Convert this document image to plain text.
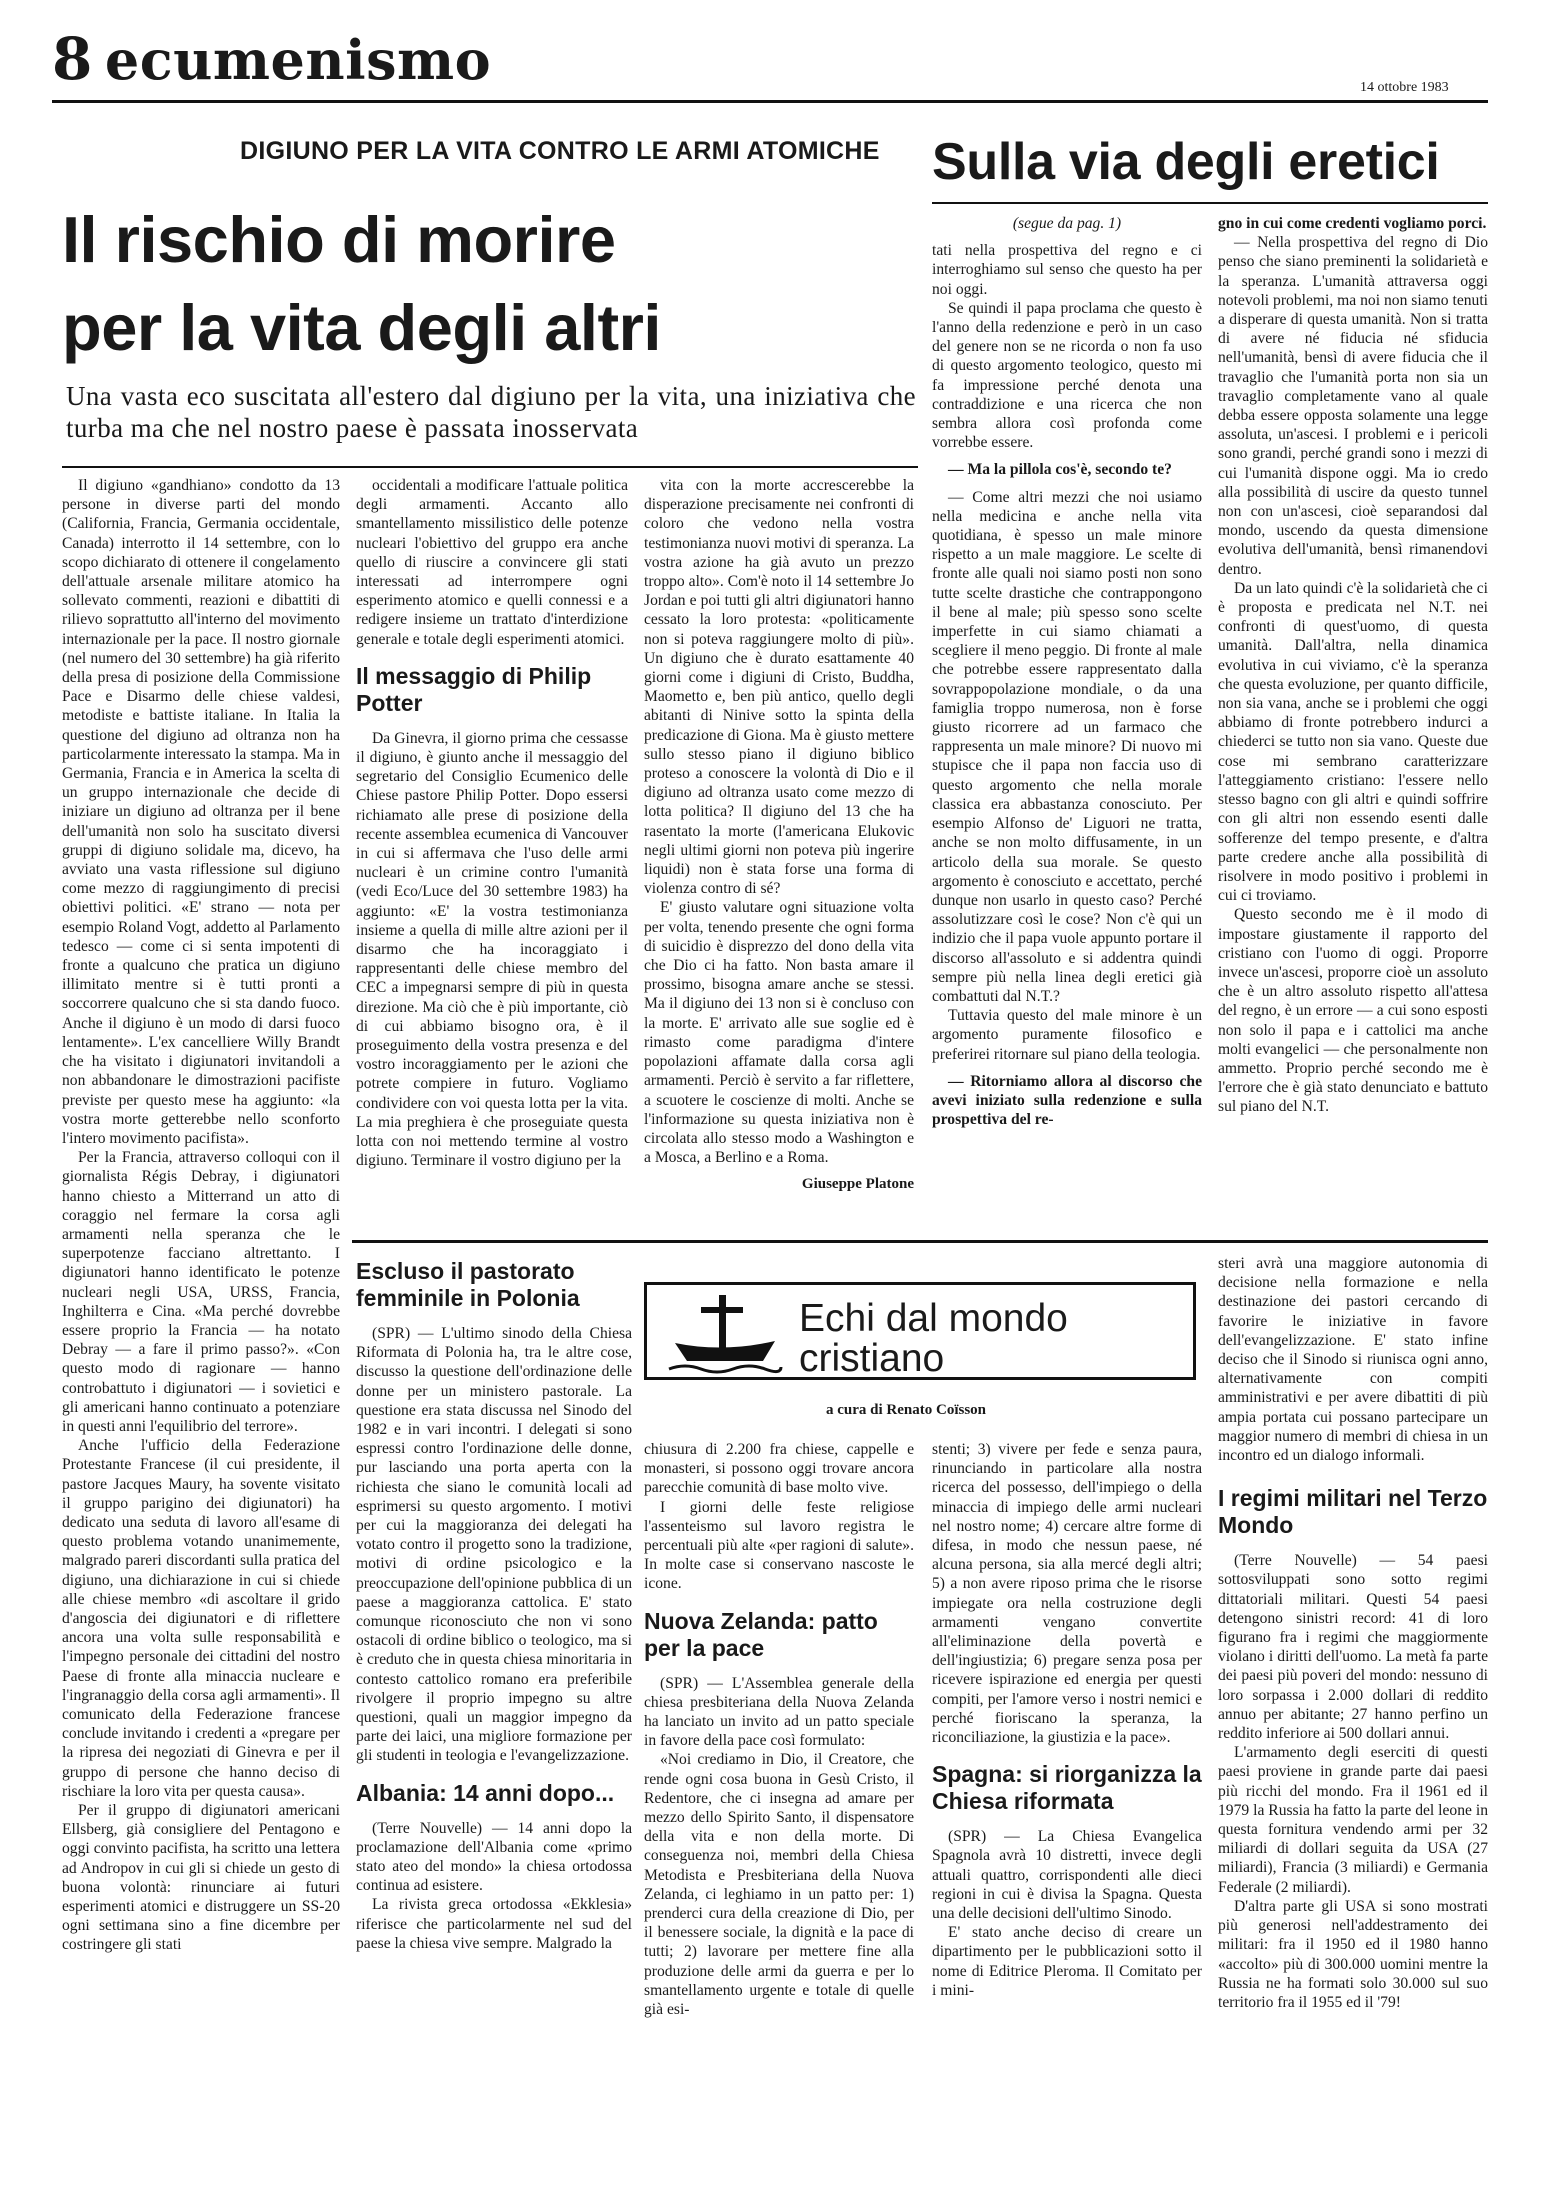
8 ecumenismo	14 ottobre 1983
DIGIUNO PER LA VITA CONTRO LE ARMI ATOMICHE
Il rischio di morire
per la vita degli altri
Sulla via degli eretici
Una vasta eco suscitata all'estero dal digiuno per la vita, una iniziativa che turba ma che nel nostro paese è passata inosservata

Il digiuno «gandhiano» condotto da 13 persone in diverse parti del mondo (California, Francia, Germania occidentale, Canada) interrotto il 14 settembre, con lo scopo dichiarato di ottenere il congelamento dell'attuale arsenale militare atomico ha sollevato commenti, reazioni e dibattiti di rilievo soprattutto all'interno del movimento internazionale per la pace. Il nostro giornale (nel numero del 30 settembre) ha già riferito della presa di posizione della Commissione Pace e Disarmo delle chiese valdesi, metodiste e battiste italiane. In Italia la questione del digiuno ad oltranza non ha particolarmente interessato la stampa. Ma in Germania, Francia e in America la scelta di un gruppo internazionale che decide di iniziare un digiuno ad oltranza per il bene dell'umanità non solo ha suscitato diversi gruppi di digiuno solidale ma, dicevo, ha avviato una vasta riflessione sul digiuno come mezzo di raggiungimento di precisi obiettivi politici. «E' strano — nota per esempio Roland Vogt, addetto al Parlamento tedesco — come ci si senta impotenti di fronte a qualcuno che pratica un digiuno illimitato mentre si è tutti pronti a soccorrere qualcuno che si sta dando fuoco. Anche il digiuno è un modo di darsi fuoco lentamente». L'ex cancelliere Willy Brandt che ha visitato i digiunatori invitandoli a non abbandonare le dimostrazioni pacifiste previste per questo mese ha aggiunto: «la vostra morte getterebbe nello sconforto l'intero movimento pacifista».

Per la Francia, attraverso colloqui con il giornalista Régis Debray, i digiunatori hanno chiesto a Mitterrand un atto di coraggio nel fermare la corsa agli armamenti nella speranza che le superpotenze facciano altrettanto. I digiunatori hanno identificato le potenze nucleari negli USA, URSS, Francia, Inghilterra e Cina. «Ma perché dovrebbe essere proprio la Francia — ha notato Debray — a fare il primo passo?». «Con questo modo di ragionare — hanno controbattuto i digiunatori — i sovietici e gli americani hanno continuato a potenziare in questi anni l'equilibrio del terrore».

Anche l'ufficio della Federazione Protestante Francese (il cui presidente, il pastore Jacques Maury, ha sovente visitato il gruppo parigino dei digiunatori) ha dedicato una seduta di lavoro all'esame di questo problema votando unanimemente, malgrado pareri discordanti sulla pratica del digiuno, una dichiarazione in cui si chiede alle chiese membro «di ascoltare il grido d'angoscia dei digiunatori e di riflettere ancora una volta sulle responsabilità e l'impegno personale dei cittadini del nostro Paese di fronte alla minaccia nucleare e l'ingranaggio della corsa agli armamenti». Il comunicato della Federazione francese conclude invitando i credenti a «pregare per la ripresa dei negoziati di Ginevra e per il gruppo di persone che hanno deciso di rischiare la loro vita per questa causa».

Per il gruppo di digiunatori americani Ellsberg, già consigliere del Pentagono e oggi convinto pacifista, ha scritto una lettera ad Andropov in cui gli si chiede un gesto di buona volontà: rinunciare ai futuri esperimenti atomici e distruggere un SS-20 ogni settimana sino a fine dicembre per costringere gli stati

occidentali a modificare l'attuale politica degli armamenti. Accanto allo smantellamento missilistico delle potenze nucleari l'obiettivo del gruppo era anche quello di riuscire a convincere gli stati interessati ad interrompere ogni esperimento atomico e quelli connessi e a redigere insieme un trattato d'interdizione generale e totale degli esperimenti atomici.

Il messaggio di Philip Potter

Da Ginevra, il giorno prima che cessasse il digiuno, è giunto anche il messaggio del segretario del Consiglio Ecumenico delle Chiese pastore Philip Potter. Dopo essersi richiamato alle prese di posizione della recente assemblea ecumenica di Vancouver in cui si affermava che l'uso delle armi nucleari è un crimine contro l'umanità (vedi Eco/Luce del 30 settembre 1983) ha aggiunto: «E' la vostra testimonianza insieme a quella di mille altre azioni per il disarmo che ha incoraggiato i rappresentanti delle chiese membro del CEC a impegnarsi sempre di più in questa direzione. Ma ciò che è più importante, ciò di cui abbiamo bisogno ora, è il proseguimento della vostra presenza e del vostro incoraggiamento per le azioni che potrete compiere in futuro. Vogliamo condividere con voi questa lotta per la vita. La mia preghiera è che proseguiate questa lotta con noi mettendo termine al vostro digiuno. Terminare il vostro digiuno per la

vita con la morte accrescerebbe la disperazione precisamente nei confronti di coloro che vedono nella vostra testimonianza nuovi motivi di speranza. La vostra azione ha già avuto un prezzo troppo alto». Com'è noto il 14 settembre Jo Jordan e poi tutti gli altri digiunatori hanno cessato la loro protesta: «politicamente non si poteva raggiungere molto di più». Un digiuno che è durato esattamente 40 giorni come i digiuni di Cristo, Buddha, Maometto e, ben più antico, quello degli abitanti di Ninive sotto la spinta della predicazione di Giona. Ma è giusto mettere sullo stesso piano il digiuno biblico proteso a conoscere la volontà di Dio e il digiuno ad oltranza usato come mezzo di lotta politica? Il digiuno del 13 che ha rasentato la morte (l'americana Elukovic negli ultimi giorni non poteva più ingerire liquidi) non è stata forse una forma di violenza contro di sé?

E' giusto valutare ogni situazione volta per volta, tenendo presente che ogni forma di suicidio è disprezzo del dono della vita che Dio ci ha fatto. Non basta amare il prossimo, bisogna amare anche se stessi. Ma il digiuno dei 13 non si è concluso con la morte. E' arrivato alle sue soglie ed è rimasto come paradigma d'intere popolazioni affamate dalla corsa agli armamenti. Perciò è servito a far riflettere, a scuotere le coscienze di molti. Anche se l'informazione su questa iniziativa non è circolata allo stesso modo a Washington e a Mosca, a Berlino e a Roma.

Giuseppe Platone
(segue da pag. 1)

tati nella prospettiva del regno e ci interroghiamo sul senso che questo ha per noi oggi.

Se quindi il papa proclama che questo è l'anno della redenzione e però in un caso del genere non se ne ricorda o non fa uso di questo argomento teologico, questo mi fa impressione perché denota una contraddizione e una ricerca che non sembra allora così profonda come vorrebbe essere.

— Ma la pillola cos'è, secondo te?

— Come altri mezzi che noi usiamo nella medicina e anche nella vita quotidiana, è spesso un male minore rispetto a un male maggiore. Le scelte di fronte alle quali noi siamo posti non sono tutte scelte drastiche che contrappongono il bene al male; più spesso sono scelte imperfette in cui siamo chiamati a scegliere il meno peggio. Di fronte al male che potrebbe essere rappresentato dalla sovrappopolazione mondiale, o da una famiglia troppo numerosa, non è forse giusto ricorrere ad un farmaco che rappresenta un male minore? Di nuovo mi stupisce che il papa non faccia uso di questo argomento che nella morale classica era abbastanza conosciuto. Per esempio Alfonso de' Liguori ne tratta, anche se non molto diffusamente, in un articolo della sua morale. Se questo argomento è conosciuto e accettato, perché dunque non usarlo in questo caso? Perché assolutizzare così le cose? Non c'è qui un indizio che il papa vuole appunto portare il discorso all'assoluto e si addentra quindi sempre più nella linea degli eretici già combattuti dal N.T.?

Tuttavia questo del male minore è un argomento puramente filosofico e preferirei ritornare sul piano della teologia.

— Ritorniamo allora al discorso che avevi iniziato sulla redenzione e sulla prospettiva del re-

gno in cui come credenti vogliamo porci.

— Nella prospettiva del regno di Dio penso che siano preminenti la solidarietà e la speranza. L'umanità attraversa oggi notevoli problemi, ma noi non siamo tenuti a disperare di questa umanità. Non si tratta di avere né fiducia né sfiducia nell'umanità, bensì di avere fiducia che il travaglio che l'umanità porta non sia un travaglio completamente vano al quale debba essere opposta solamente una legge assoluta, un'ascesi. I problemi e i pericoli sono grandi, perché grandi sono i mezzi di cui l'umanità dispone oggi. Ma io credo alla possibilità di uscire da questo tunnel non con un'ascesi, cioè separandosi dal mondo, uscendo da questa dimensione evolutiva dell'umanità, bensì rimanendovi dentro.

Da un lato quindi c'è la solidarietà che ci è proposta e predicata nel N.T. nei confronti di quest'uomo, di questa umanità. Dall'altra, nella dinamica evolutiva in cui viviamo, c'è la speranza che questa evoluzione, per quanto difficile, non sia vana, anche se i problemi che oggi abbiamo di fronte potrebbero indurci a chiederci se tutto non sia vano. Queste due cose mi sembrano caratterizzare l'atteggiamento cristiano: l'essere nello stesso bagno con gli altri e quindi soffrire con gli altri non essendo esenti dalle sofferenze del tempo presente, e d'altra parte credere anche alla possibilità di risolvere in modo positivo i problemi in cui ci troviamo.

Questo secondo me è il modo di impostare giustamente il rapporto del cristiano con l'uomo di oggi. Proporre invece un'ascesi, proporre cioè un assoluto che è un altro assoluto rispetto all'attesa del regno, è un errore — a cui sono esposti non solo il papa e i cattolici ma anche molti evangelici — che personalmente non ammetto. Proprio perché secondo me è l'errore che è già stato denunciato e battuto sul piano del N.T.

Echi dal mondo
cristiano
a cura di Renato Coïsson
Escluso il pastorato femminile in Polonia

(SPR) — L'ultimo sinodo della Chiesa Riformata di Polonia ha, tra le altre cose, discusso la questione dell'ordinazione delle donne per un ministero pastorale. La questione era stata discussa nel Sinodo del 1982 e in vari incontri. I delegati si sono espressi contro l'ordinazione delle donne, pur lasciando una porta aperta con la richiesta che siano le comunità locali ad esprimersi su questo argomento. I motivi per cui la maggioranza dei delegati ha votato contro il progetto sono la tradizione, motivi di ordine psicologico e la preoccupazione dell'opinione pubblica di un paese a maggioranza cattolica. E' stato comunque riconosciuto che non vi sono ostacoli di ordine biblico o teologico, ma si è creduto che in questa chiesa minoritaria in contesto cattolico romano era preferibile rivolgere il proprio impegno su altre questioni, quali un maggior impegno da parte dei laici, una migliore formazione per gli studenti in teologia e l'evangelizzazione.

Albania: 14 anni dopo...

(Terre Nouvelle) — 14 anni dopo la proclamazione dell'Albania come «primo stato ateo del mondo» la chiesa ortodossa continua ad esistere.

La rivista greca ortodossa «Ekklesia» riferisce che particolarmente nel sud del paese la chiesa vive sempre. Malgrado la

chiusura di 2.200 fra chiese, cappelle e monasteri, si possono oggi trovare ancora parecchie comunità di base molto vive.

I giorni delle feste religiose l'assenteismo sul lavoro registra le percentuali più alte «per ragioni di salute». In molte case si conservano nascoste le icone.

Nuova Zelanda: patto per la pace

(SPR) — L'Assemblea generale della chiesa presbiteriana della Nuova Zelanda ha lanciato un invito ad un patto speciale in favore della pace così formulato:

«Noi crediamo in Dio, il Creatore, che rende ogni cosa buona in Gesù Cristo, il Redentore, che ci insegna ad amare per mezzo dello Spirito Santo, il dispensatore della vita e non della morte. Di conseguenza noi, membri della Chiesa Metodista e Presbiteriana della Nuova Zelanda, ci leghiamo in un patto per: 1) prenderci cura della creazione di Dio, per il benessere sociale, la dignità e la pace di tutti; 2) lavorare per mettere fine alla produzione delle armi da guerra e per lo smantellamento urgente e totale di quelle già esi-

stenti; 3) vivere per fede e senza paura, rinunciando in particolare alla nostra ricerca del possesso, dell'impiego o della minaccia di impiego delle armi nucleari nel nostro nome; 4) cercare altre forme di difesa, in modo che nessun paese, né alcuna persona, sia alla mercé degli altri; 5) a non avere riposo prima che le risorse impiegate ora nella costruzione degli armamenti vengano convertite all'eliminazione della povertà e dell'ingiustizia; 6) pregare senza posa per ricevere ispirazione ed energia per questi compiti, per l'amore verso i nostri nemici e perché fioriscano la speranza, la riconciliazione, la giustizia e la pace».

Spagna: si riorganizza la Chiesa riformata

(SPR) — La Chiesa Evangelica Spagnola avrà 10 distretti, invece degli attuali quattro, corrispondenti alle dieci regioni in cui è divisa la Spagna. Questa una delle decisioni dell'ultimo Sinodo.

E' stato anche deciso di creare un dipartimento per le pubblicazioni sotto il nome di Editrice Pleroma. Il Comitato per i mini-

steri avrà una maggiore autonomia di decisione nella formazione e nella destinazione dei pastori cercando di favorire le iniziative in favore dell'evangelizzazione. E' stato infine deciso che il Sinodo si riunisca ogni anno, alternativamente con compiti amministrativi e per avere dibattiti di più ampia portata cui possano partecipare un maggior numero di membri di chiesa in un incontro ed un dialogo informali.

I regimi militari nel Terzo Mondo

(Terre Nouvelle) — 54 paesi sottosviluppati sono sotto regimi dittatoriali militari. Questi 54 paesi detengono sinistri record: 41 di loro figurano fra i regimi che maggiormente violano i diritti dell'uomo. La metà fa parte dei paesi più poveri del mondo: nessuno di loro sorpassa i 2.000 dollari di reddito annuo per abitante; 27 hanno perfino un reddito inferiore ai 500 dollari annui.

L'armamento degli eserciti di questi paesi proviene in grande parte dai paesi più ricchi del mondo. Fra il 1961 ed il 1979 la Russia ha fatto la parte del leone in questa fornitura vendendo armi per 32 miliardi di dollari seguita da USA (27 miliardi), Francia (3 miliardi) e Germania Federale (2 miliardi).

D'altra parte gli USA si sono mostrati più generosi nell'addestramento dei militari: fra il 1950 ed il 1980 hanno «accolto» più di 300.000 uomini mentre la Russia ne ha formati solo 30.000 sul suo territorio fra il 1955 ed il '79!
